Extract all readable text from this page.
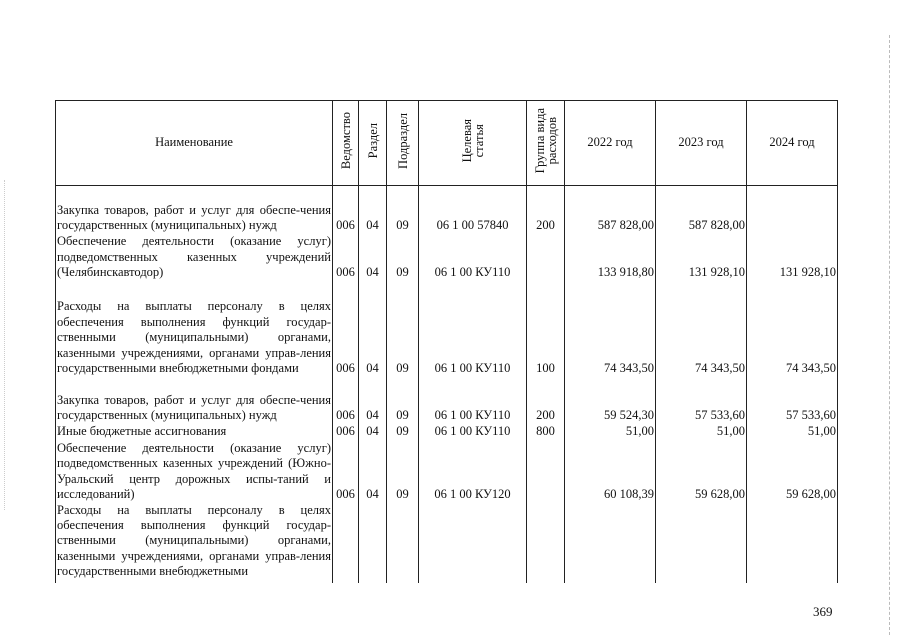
Наименование	Ведомство	Раздел	Подраздел	Целевая
статья	Группа вида
расходов	2022 год	2023 год	2024 год
Закупка товаров, работ и услуг для обеспе-чения государственных (муниципальных) нужд	006	04	09	06 1 00 57840	200	587 828,00	587 828,00	
Обеспечение деятельности (оказание услуг) подведомственных казенных учреждений (Челябинскавтодор)	006	04	09	06 1 00 КУ110		133 918,80	131 928,10	131 928,10
Расходы на выплаты персоналу в целях обеспечения выполнения функций государ-ственными (муниципальными) органами, казенными учреждениями, органами управ-ления государственными внебюджетными фондами	006	04	09	06 1 00 КУ110	100	74 343,50	74 343,50	74 343,50
Закупка товаров, работ и услуг для обеспе-чения государственных (муниципальных) нужд	006	04	09	06 1 00 КУ110	200	59 524,30	57 533,60	57 533,60
Иные бюджетные ассигнования	006	04	09	06 1 00 КУ110	800	51,00	51,00	51,00
Обеспечение деятельности (оказание услуг) подведомственных казенных учреждений (Южно-Уральский центр дорожных испы-таний и исследований)	006	04	09	06 1 00 КУ120		60 108,39	59 628,00	59 628,00
Расходы на выплаты персоналу в целях обеспечения выполнения функций государ-ственными (муниципальными) органами, казенными учреждениями, органами управ-ления государственными внебюджетными								
369
